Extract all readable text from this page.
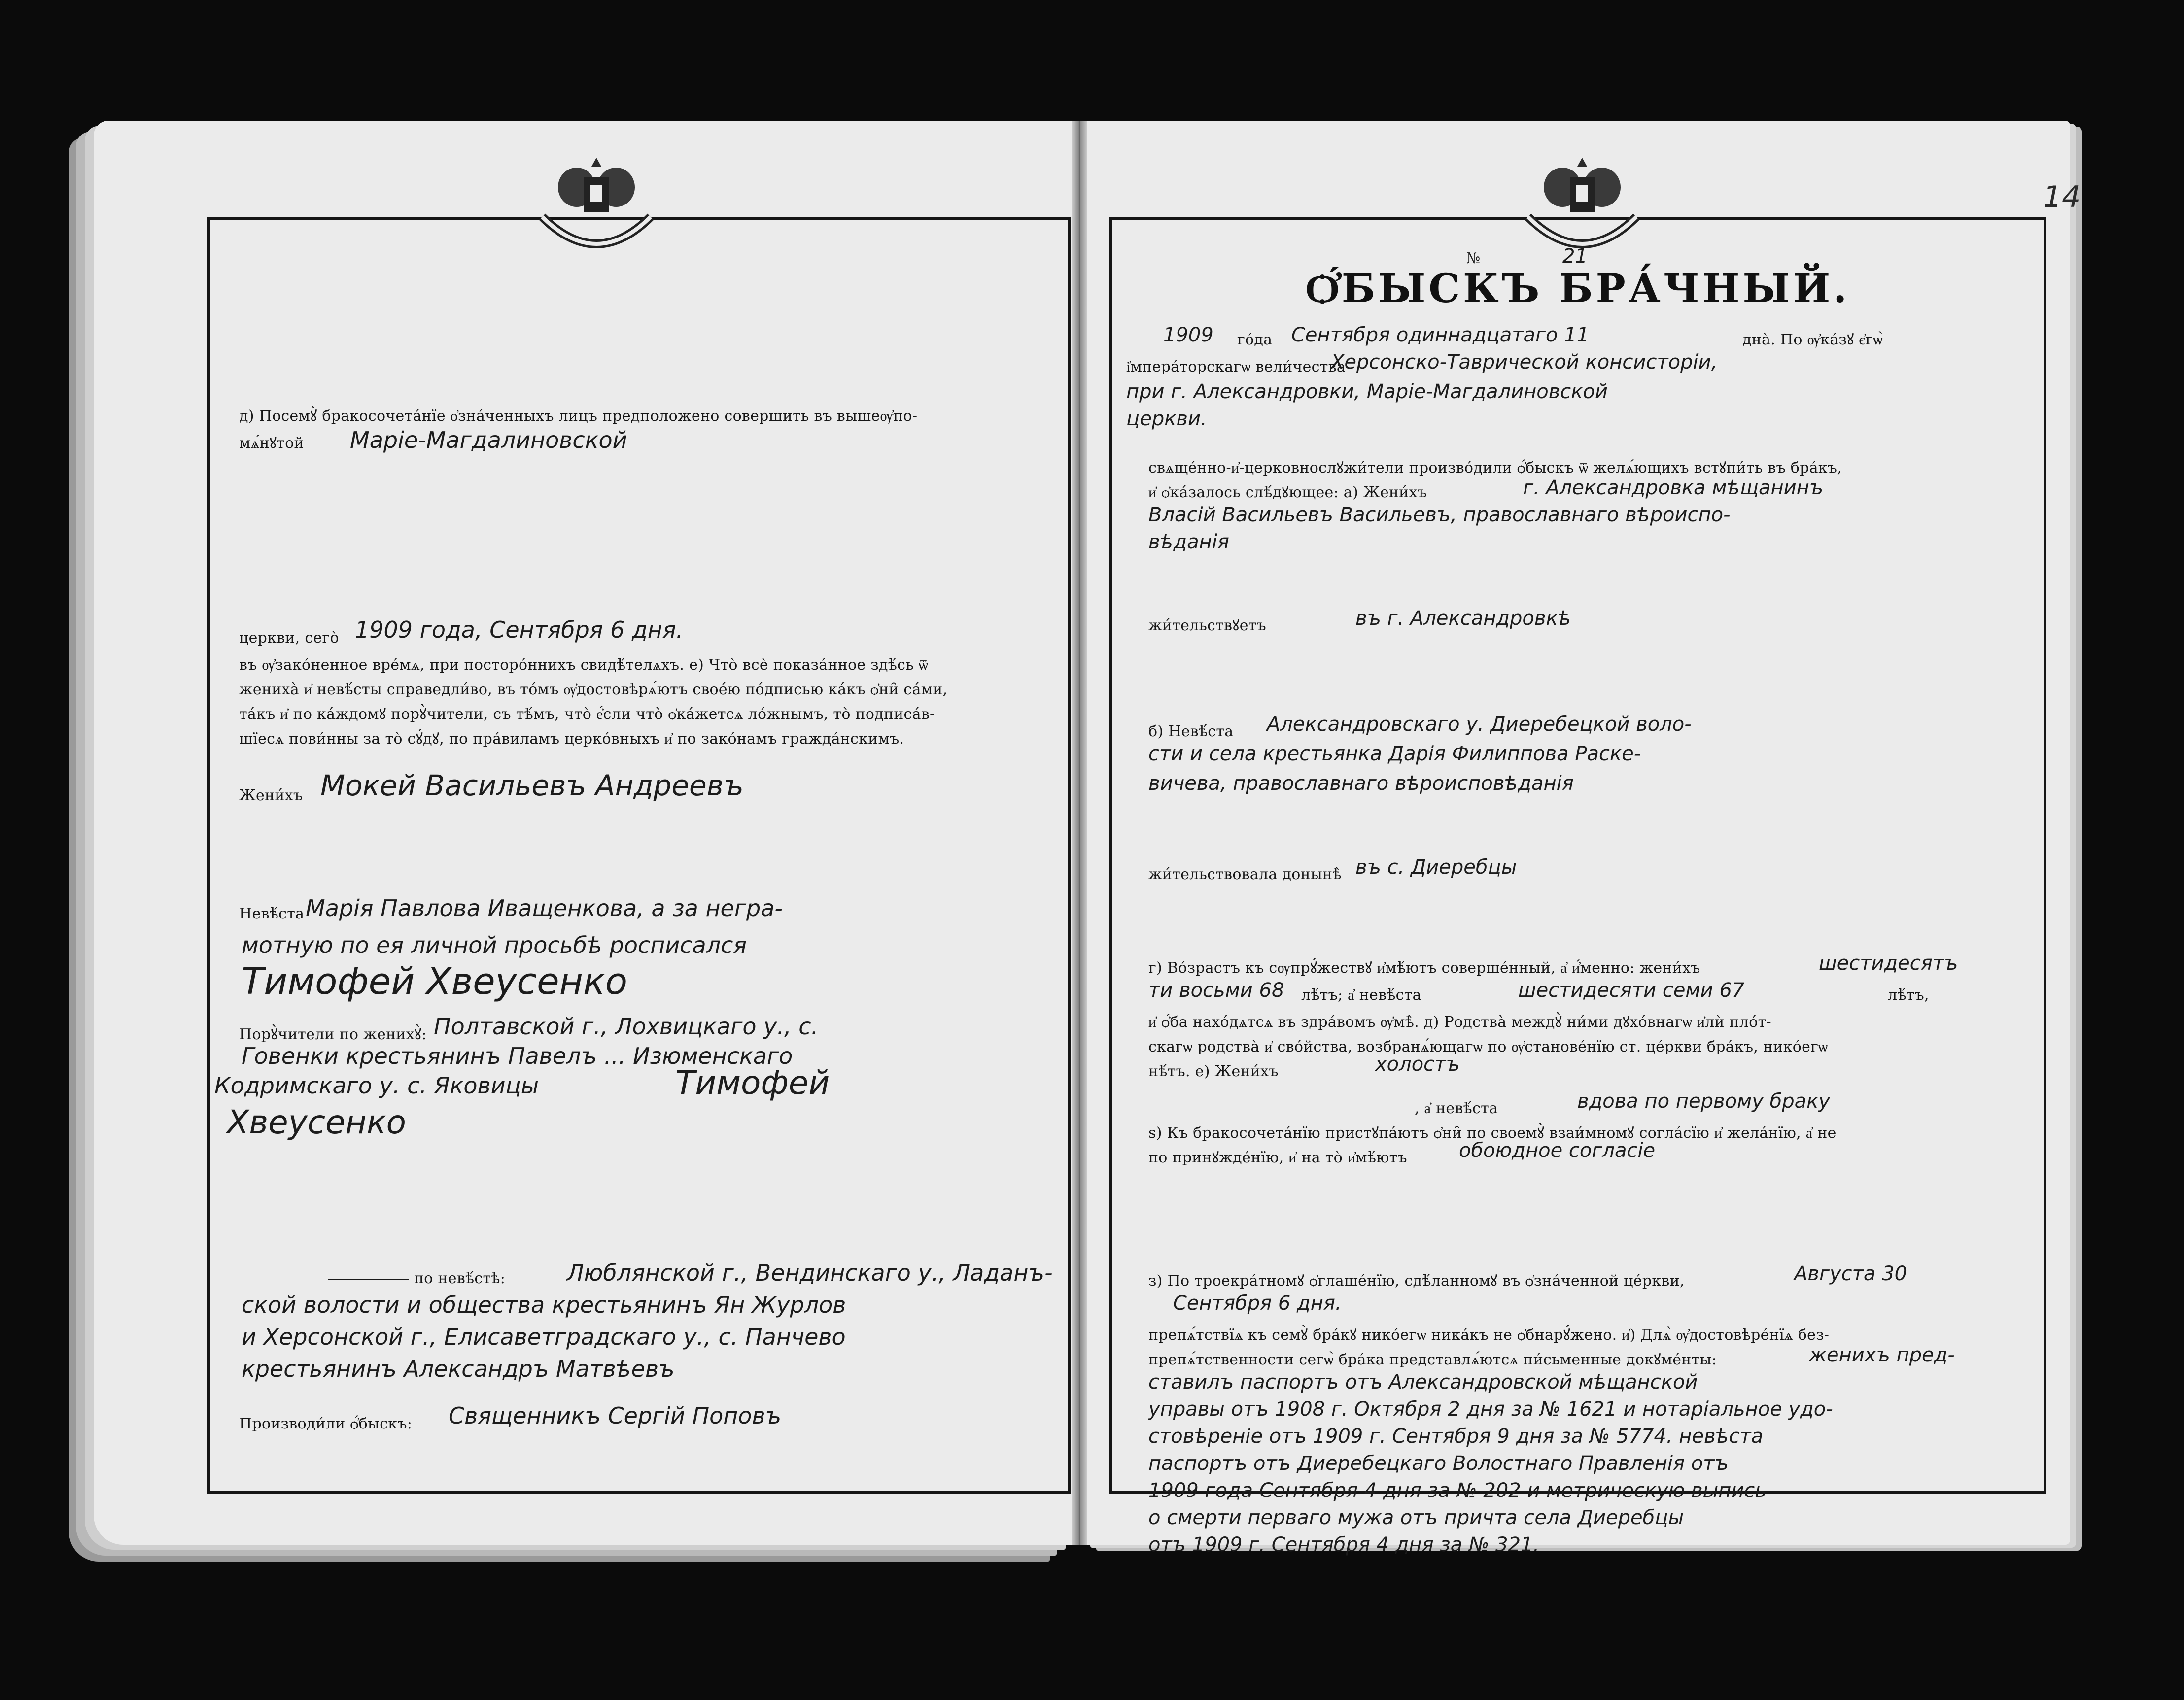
14
д) Посемꙋ̀ бракосочета́нїе о҆зна́ченныхъ лицъ предположено совершить въ вышеѹ҆по-
мѧ́нꙋтой Маріе-Магдалиновской
церкви, сего̀ 1909 года, Сентября 6 дня.
въ ѹ҆зако́ненное вре́мѧ, при посторо́ннихъ свидѣ́телѧхъ. е) Что̀ всѐ показа́нное здѣ́сь ѿ
жениха̀ и҆ невѣ́сты справедли́во, въ то́мъ ѹ҆достовѣрѧ́ютъ свое́ю по́дписью ка́къ ѻ҆ни̑ са́ми,
та́къ и҆ по ка́ждомꙋ порꙋ̀чители, съ тѣ́мъ, что̀ е҆́сли что̀ ѻ҆ка́жетсѧ ло́жнымъ, то̀ подписа́в-
шїесѧ пови́нны за то̀ сꙋ́дꙋ, по пра́виламъ церко́вныхъ и҆ по зако́намъ гражда́нскимъ.
Жени́хъ Мокей Васильевъ Андреевъ
Невѣ́ста Марія Павлова Иващенкова, а за негра-
мотную по ея личной просьбѣ росписался
Тимофей Хвеусенко
Порꙋ̀чители по женихꙋ̀: Полтавской г., Лохвицкаго у., с.
Говенки крестьянинъ Павелъ ... Изюменскаго
Кодримскаго у. с. Яковицы	Тимофей
Хвеусенко
по невѣ́стѣ:	Люблянской г., Вендинскаго у., Ладанъ-
ской волости и общества крестьянинъ Ян Журлов
и Херсонской г., Елисаветградскаго у., с. Панчево
крестьянинъ Александръ Матвѣевъ
Производи́ли ѻ҆́быскъ: Священникъ Сергій Поповъ
№	21
Ѻ҆́БЫСКЪ БРА́ЧНЫЙ.
1909 го́да Сентября одиннадцатаго 11	дна̀. По ѹ҆ка́зꙋ є҆гѡ̀
і҆мпера́торскагѡ вели́чества
Херсонско-Таврической консисторіи,
при г. Александровки, Маріе-Магдалиновской
церкви.
свѧще́нно-и҆-церковнослꙋжи́тели произво́дили ѻ҆́быскъ ѿ желѧ́ющихъ встꙋпи́ть въ бра́къ,
и҆ ѻ҆ка́залось слѣ́дꙋющее: а) Жени́хъ	г. Александровка мѣщанинъ
Власій Васильевъ Васильевъ, православнаго вѣроиспо-
вѣданія
жи́тельствꙋетъ	въ г. Александровкѣ
б) Невѣ́ста Александровскаго у. Диеребецкой воло-
сти и села крестьянка Дарія Филиппова Раске-
вичева, православнаго вѣроисповѣданія
жи́тельствовала донынѣ̀ въ с. Диеребцы
г) Во́зрастъ къ сѹпрꙋ́жествꙋ и҆мѣ́ютъ соверше́нный, а҆ и҆́менно: жени́хъ	шестидесятъ
ти восьми 68 лѣ́тъ; а҆ невѣ́ста	шестидесяти семи 67	лѣ́тъ,
и҆ ѻ҆́ба нахо́дѧтсѧ въ здра́вомъ ѹ҆мѣ̀. д) Родства̀ междꙋ̀ ни́ми дꙋхо́внагѡ и҆лѝ пло́т-
скагѡ родства̀ и҆ сво́йства, возбранѧ́ющагѡ по ѹ҆станове́нїю ст. це́ркви бра́къ, нико́егѡ
нѣ́тъ. е) Жени́хъ	холостъ
, а҆ невѣ́ста	вдова по первому браку
ѕ) Къ бракосочета́нїю пристꙋпа́ютъ ѻ҆ни̑ по своемꙋ̀ взаи́мномꙋ согла́сїю и҆ жела́нїю, а҆ не
по принꙋжде́нїю, и҆ на то̀ и҆мѣ́ютъ	обоюдное согласіе
з) По троекра́тномꙋ ѻ҆глаше́нїю, сдѣ́ланномꙋ въ ѻ҆зна́ченной це́ркви,	Августа 30
Сентября 6 дня.
препѧ́тствїѧ къ семꙋ̀ бра́кꙋ нико́егѡ ника́къ не ѻ҆бнарꙋ́жено. и҆) Длѧ̀ ѹ҆достовѣре́нїѧ без-
препѧ́тственности сегѡ̀ бра́ка представлѧ́ютсѧ пи́сьменные докꙋме́нты:	женихъ пред-
ставилъ паспортъ отъ Александровской мѣщанской
управы отъ 1908 г. Октября 2 дня за № 1621 и нотаріальное удо-
стовѣреніе отъ 1909 г. Сентября 9 дня за № 5774. невѣста
паспортъ отъ Диеребецкаго Волостнаго Правленія отъ
1909 года Сентября 4 дня за № 202 и метрическую выпись
о смерти перваго мужа отъ причта села Диеребцы
отъ 1909 г. Сентября 4 дня за № 321.
